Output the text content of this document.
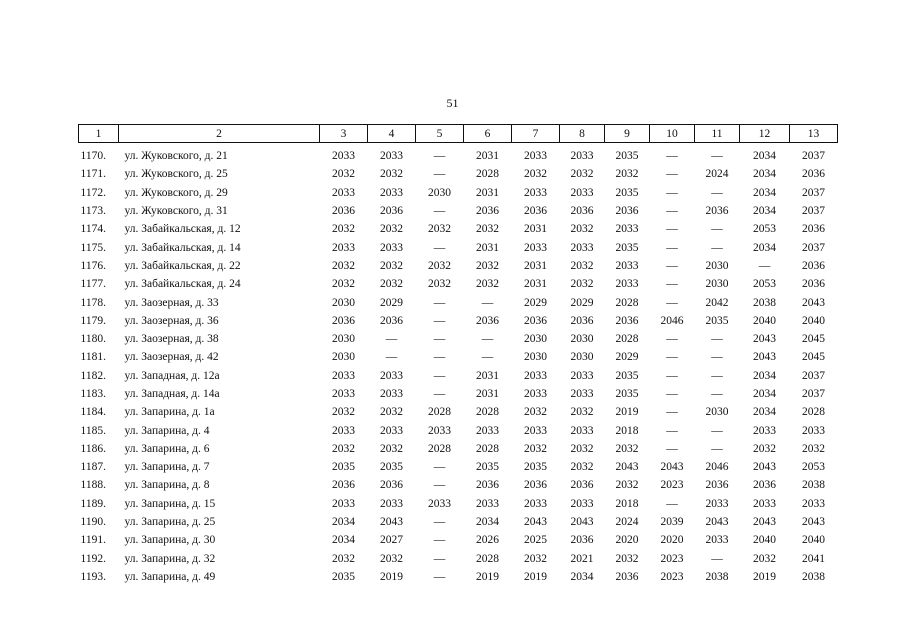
51
1	2	3	4	5	6	7	8	9	10	11	12	13
1170.	ул. Жуковского, д. 21	2033	2033	—	2031	2033	2033	2035	—	—	2034	2037
1171.	ул. Жуковского, д. 25	2032	2032	—	2028	2032	2032	2032	—	2024	2034	2036
1172.	ул. Жуковского, д. 29	2033	2033	2030	2031	2033	2033	2035	—	—	2034	2037
1173.	ул. Жуковского, д. 31	2036	2036	—	2036	2036	2036	2036	—	2036	2034	2037
1174.	ул. Забайкальская, д. 12	2032	2032	2032	2032	2031	2032	2033	—	—	2053	2036
1175.	ул. Забайкальская, д. 14	2033	2033	—	2031	2033	2033	2035	—	—	2034	2037
1176.	ул. Забайкальская, д. 22	2032	2032	2032	2032	2031	2032	2033	—	2030	—	2036
1177.	ул. Забайкальская, д. 24	2032	2032	2032	2032	2031	2032	2033	—	2030	2053	2036
1178.	ул. Заозерная, д. 33	2030	2029	—	—	2029	2029	2028	—	2042	2038	2043
1179.	ул. Заозерная, д. 36	2036	2036	—	2036	2036	2036	2036	2046	2035	2040	2040
1180.	ул. Заозерная, д. 38	2030	—	—	—	2030	2030	2028	—	—	2043	2045
1181.	ул. Заозерная, д. 42	2030	—	—	—	2030	2030	2029	—	—	2043	2045
1182.	ул. Западная, д. 12а	2033	2033	—	2031	2033	2033	2035	—	—	2034	2037
1183.	ул. Западная, д. 14а	2033	2033	—	2031	2033	2033	2035	—	—	2034	2037
1184.	ул. Запарина, д. 1а	2032	2032	2028	2028	2032	2032	2019	—	2030	2034	2028
1185.	ул. Запарина, д. 4	2033	2033	2033	2033	2033	2033	2018	—	—	2033	2033
1186.	ул. Запарина, д. 6	2032	2032	2028	2028	2032	2032	2032	—	—	2032	2032
1187.	ул. Запарина, д. 7	2035	2035	—	2035	2035	2032	2043	2043	2046	2043	2053
1188.	ул. Запарина, д. 8	2036	2036	—	2036	2036	2036	2032	2023	2036	2036	2038
1189.	ул. Запарина, д. 15	2033	2033	2033	2033	2033	2033	2018	—	2033	2033	2033
1190.	ул. Запарина, д. 25	2034	2043	—	2034	2043	2043	2024	2039	2043	2043	2043
1191.	ул. Запарина, д. 30	2034	2027	—	2026	2025	2036	2020	2020	2033	2040	2040
1192.	ул. Запарина, д. 32	2032	2032	—	2028	2032	2021	2032	2023	—	2032	2041
1193.	ул. Запарина, д. 49	2035	2019	—	2019	2019	2034	2036	2023	2038	2019	2038
